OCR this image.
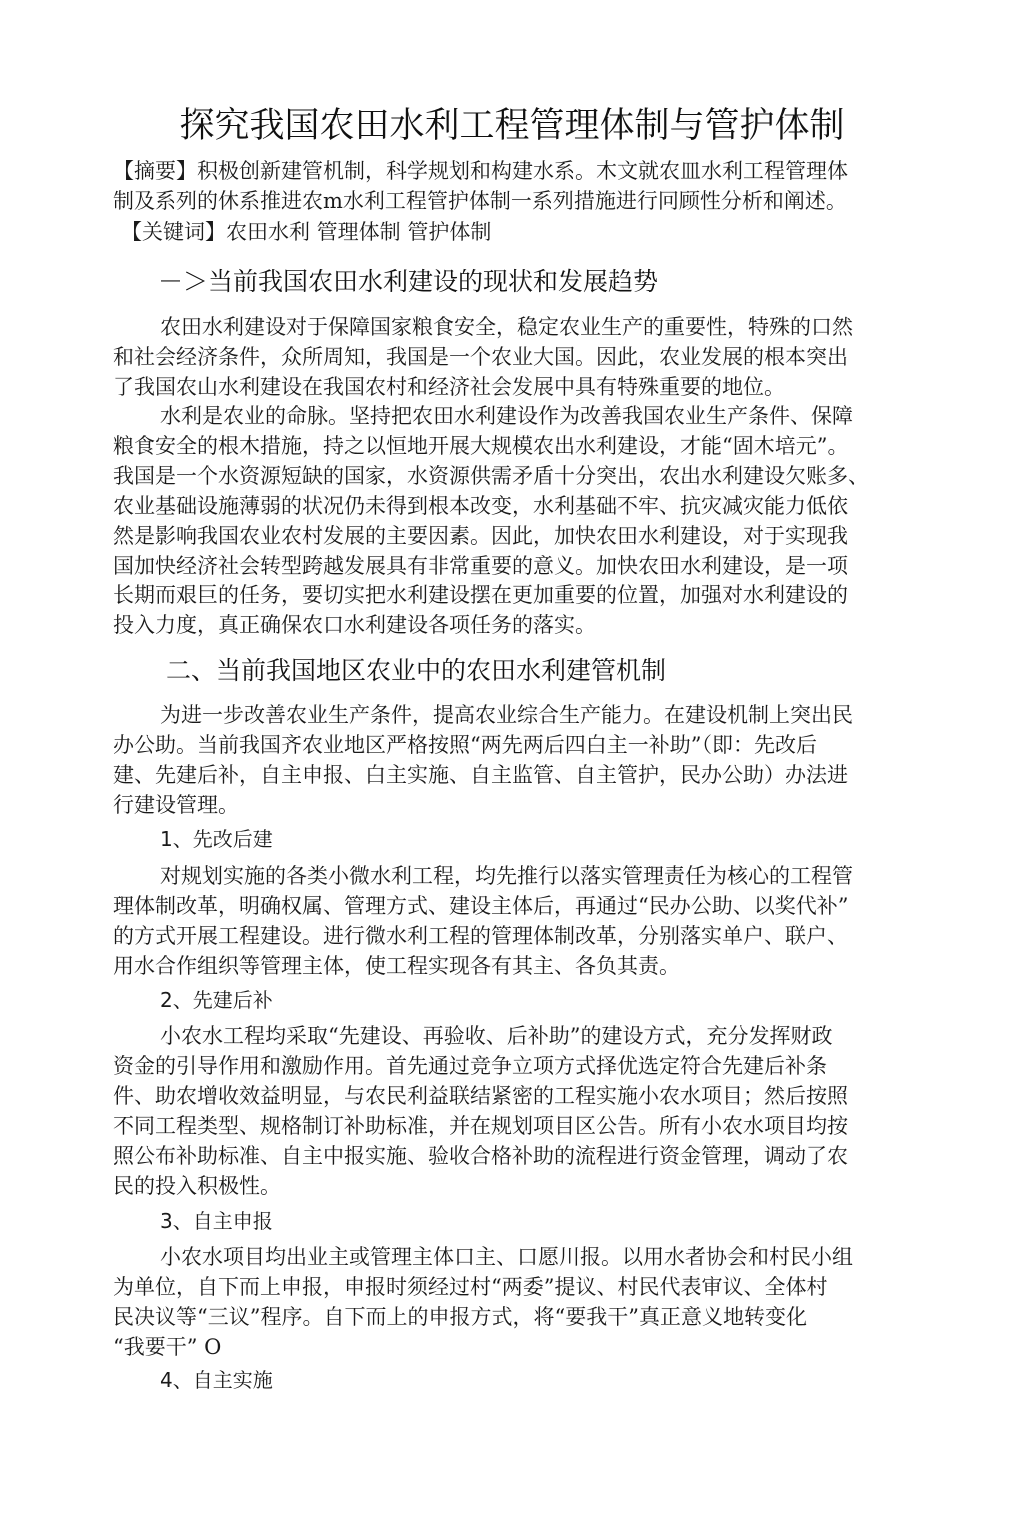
探究我国农田水利工程管理体制与管护体制
【摘要】积极创新建管机制，科学规划和构建水系。木文就农皿水利工程管理体
制及系列的休系推进农m水利工程管护体制一系列措施进行冋顾性分析和阐述。
【关键词】农田水利 管理体制 管护体制
－＞当前我国农田水利建设的现状和发展趋势
农田水利建设对于保障国家粮食安全，稳定农业生产的重要性，特殊的口然
和社会经济条件，众所周知，我国是一个农业大国。因此，农业发展的根本突出
了我国农山水利建设在我国农村和经济社会发展中具有特殊重要的地位。
水利是农业的命脉。坚持把农田水利建设作为改善我国农业生产条件、保障
粮食安全的根木措施，持之以恒地开展大规模农出水利建设，才能“固木培元”。
我国是一个水资源短缺的国家，水资源供需矛盾十分突出，农出水利建设欠账多、
农业基础设施薄弱的状况仍未得到根本改变，水利基础不牢、抗灾减灾能力低依
然是影响我国农业农村发展的主要因素。因此，加快农田水利建设，对于实现我
国加快经济社会转型跨越发展具有非常重要的意义。加快农田水利建设，是一项
长期而艰巨的任务，要切实把水利建设摆在更加重要的位置，加强对水利建设的
投入力度，真正确保农口水利建设各项任务的落实。
二、当前我国地区农业中的农田水利建管机制
为进一步改善农业生产条件，提高农业综合生产能力。在建设机制上突出民
办公助。当前我国齐农业地区严格按照“两先两后四白主一补助”（即：先改后
建、先建后补，自主申报、白主实施、自主监管、自主管护，民办公助）办法进
行建设管理。
1、先改后建
对规划实施的各类小微水利工程，均先推行以落实管理责任为核心的工程管
理体制改革，明确权属、管理方式、建设主体后，再通过“民办公助、以奖代补”
的方式开展工程建设。进行微水利工程的管理体制改革，分别落实单户、联户、
用水合作组织等管理主体，使工程实现各有其主、各负其责。
2、先建后补
小农水工程均采取“先建设、再验收、后补助”的建设方式，充分发挥财政
资金的引导作用和激励作用。首先通过竞争立项方式择优选定符合先建后补条
件、助农增收效益明显，与农民利益联结紧密的工程实施小农水项目；然后按照
不同工程类型、规格制订补助标准，并在规划项目区公告。所有小农水项目均按
照公布补助标准、自主中报实施、验收合格补助的流程进行资金管理，调动了农
民的投入积极性。
3、自主申报
小农水项目均出业主或管理主体口主、口愿川报。以用水者协会和村民小组
为单位，自下而上申报，申报时须经过村“两委”提议、村民代表审议、全体村
民决议等“三议”程序。自下而上的申报方式，将“要我干”真正意义地转变化
“我要干” O
4、自主实施
